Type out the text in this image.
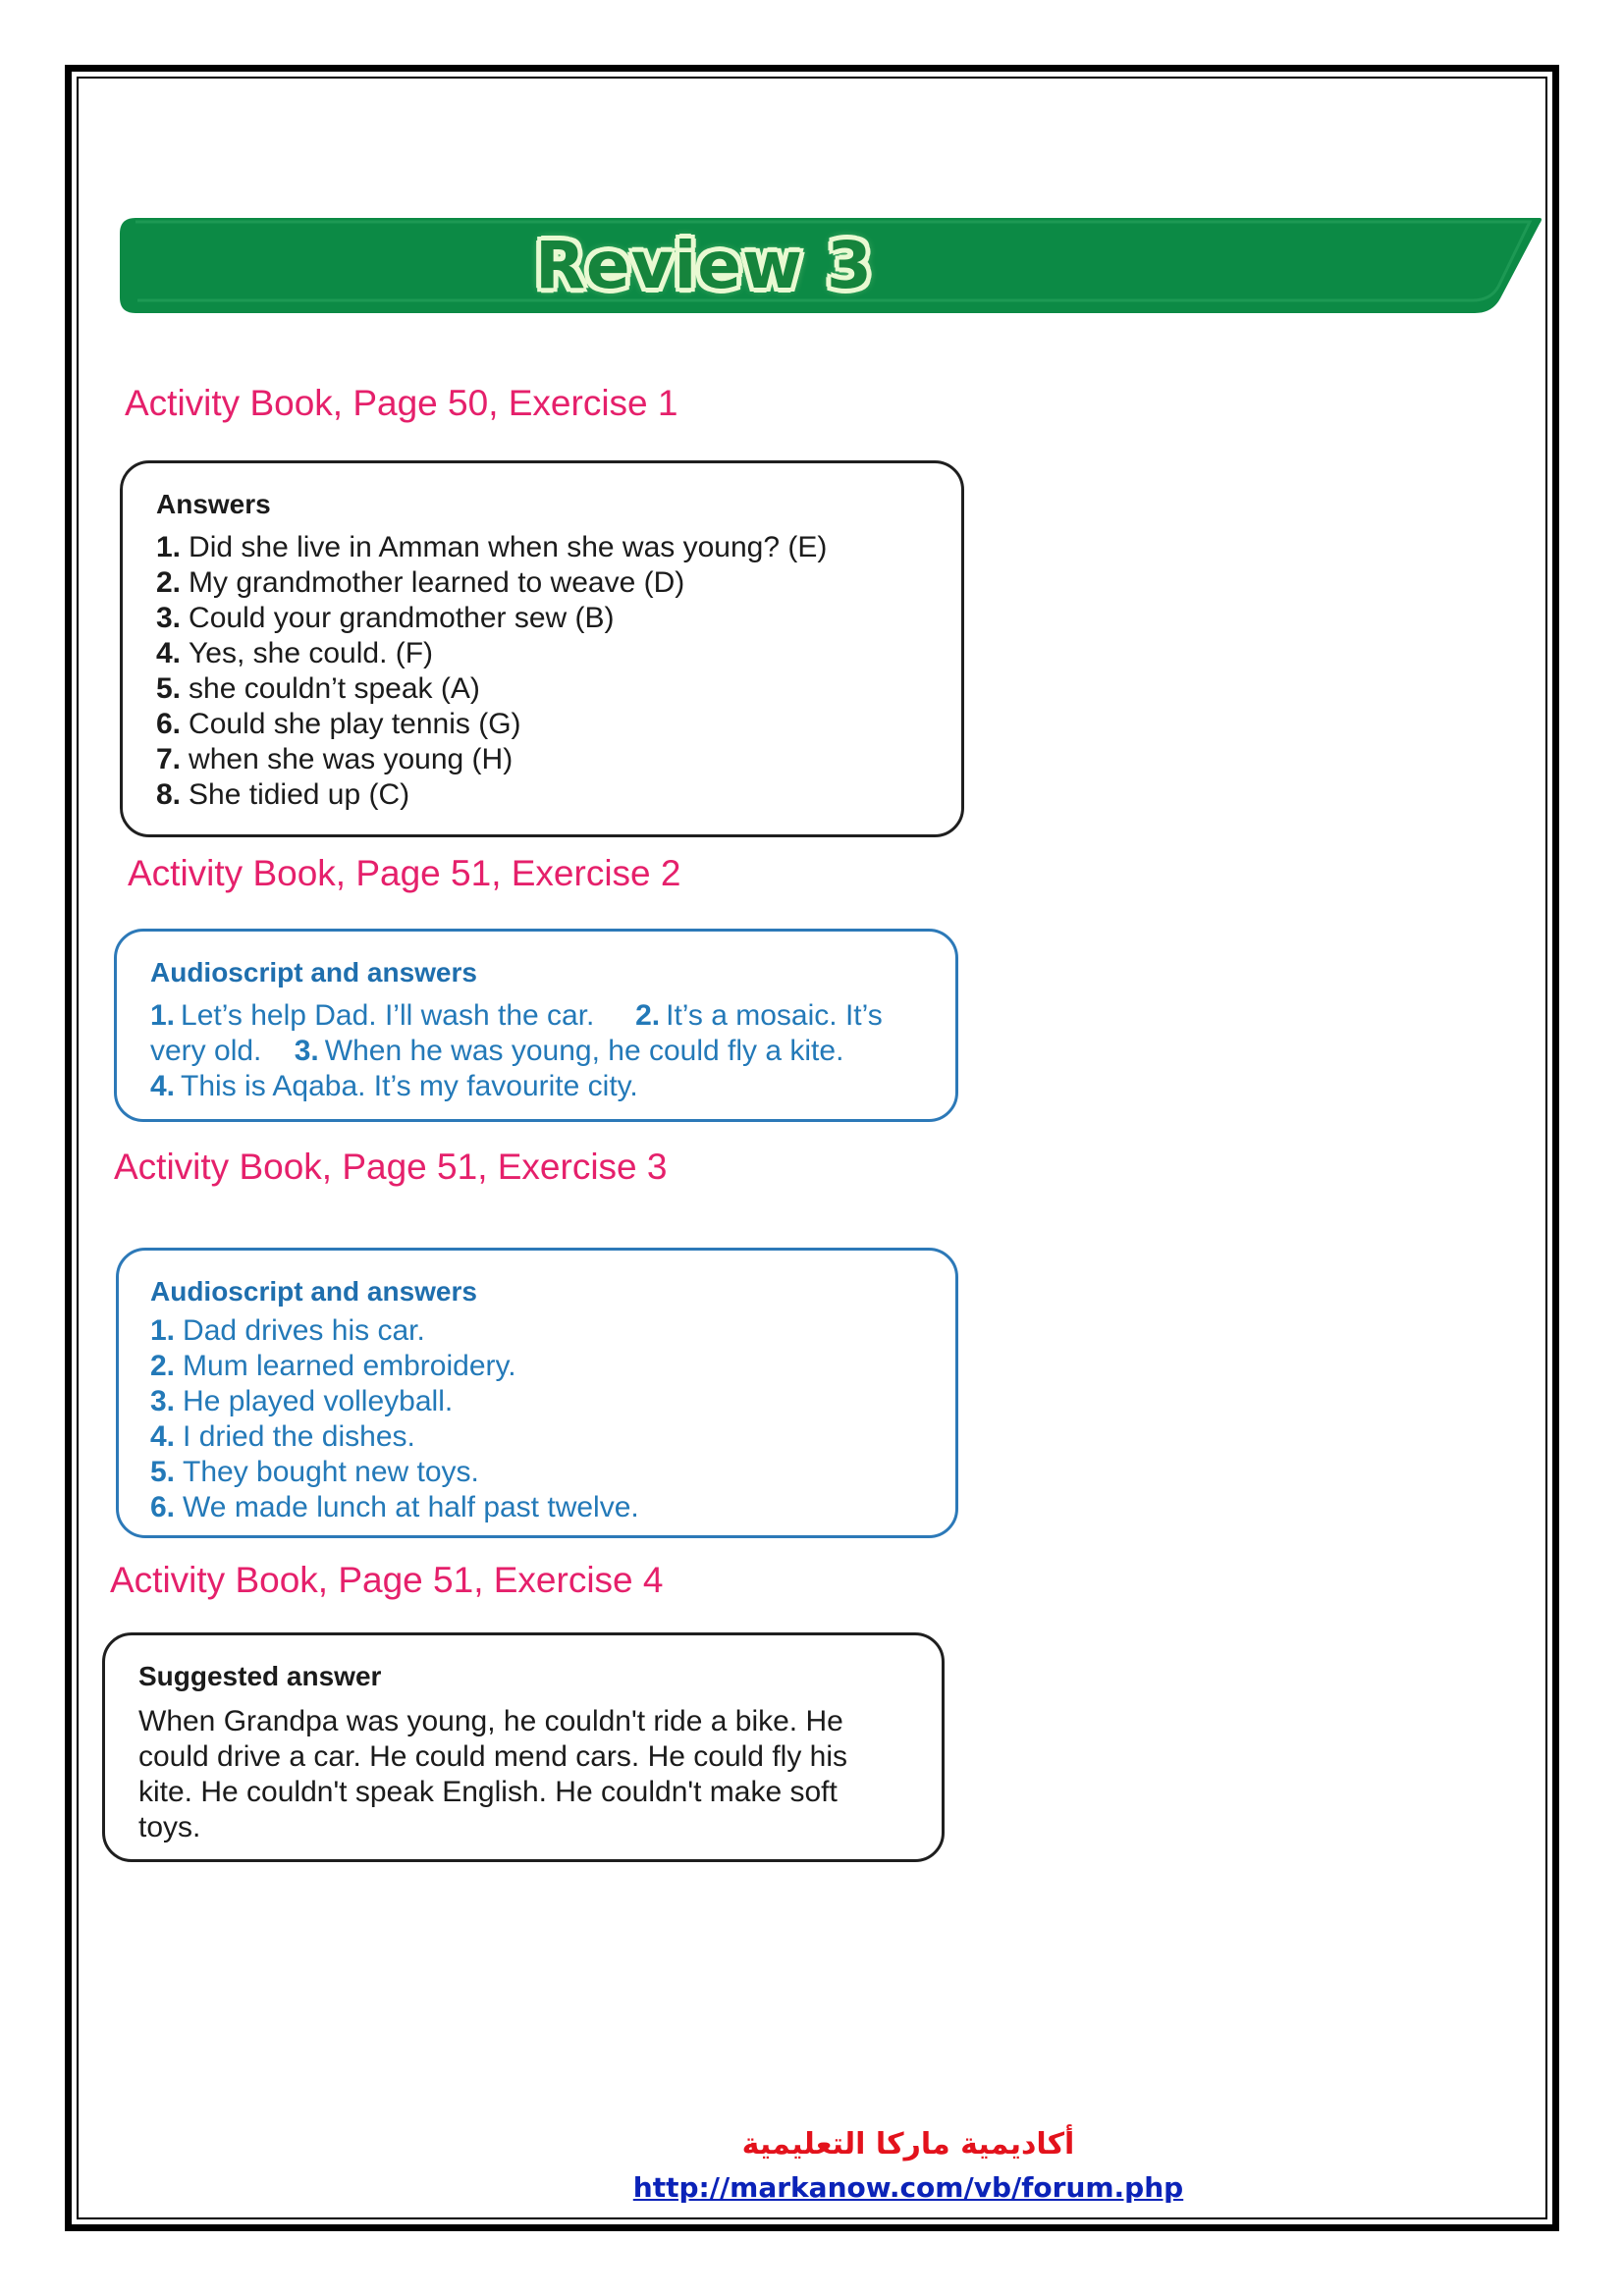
Review 3
Activity Book, Page 50, Exercise 1

Answers

1. Did she live in Amman when she was young? (E)
2. My grandmother learned to weave (D)
3. Could your grandmother sew (B)
4. Yes, she could. (F)
5. she couldn’t speak (A)
6. Could she play tennis (G)
7. when she was young (H)
8. She tidied up (C)
Activity Book, Page 51, Exercise 2

Audioscript and answers

1. Let’s help Dad. I’ll wash the car. 2. It’s a mosaic. It’s very old. 3. When he was young, he could fly a kite.
4. This is Aqaba. It’s my favourite city.

Activity Book, Page 51, Exercise 3

Audioscript and answers

1. Dad drives his car.
2. Mum learned embroidery.
3. He played volleyball.
4. I dried the dishes.
5. They bought new toys.
6. We made lunch at half past twelve.
Activity Book, Page 51, Exercise 4

Suggested answer

When Grandpa was young, he couldn't ride a bike. He could drive a car. He could mend cars. He could fly his kite. He couldn't speak English. He couldn't make soft toys.

أكاديمية ماركا التعليمية
http://markanow.com/vb/forum.php
